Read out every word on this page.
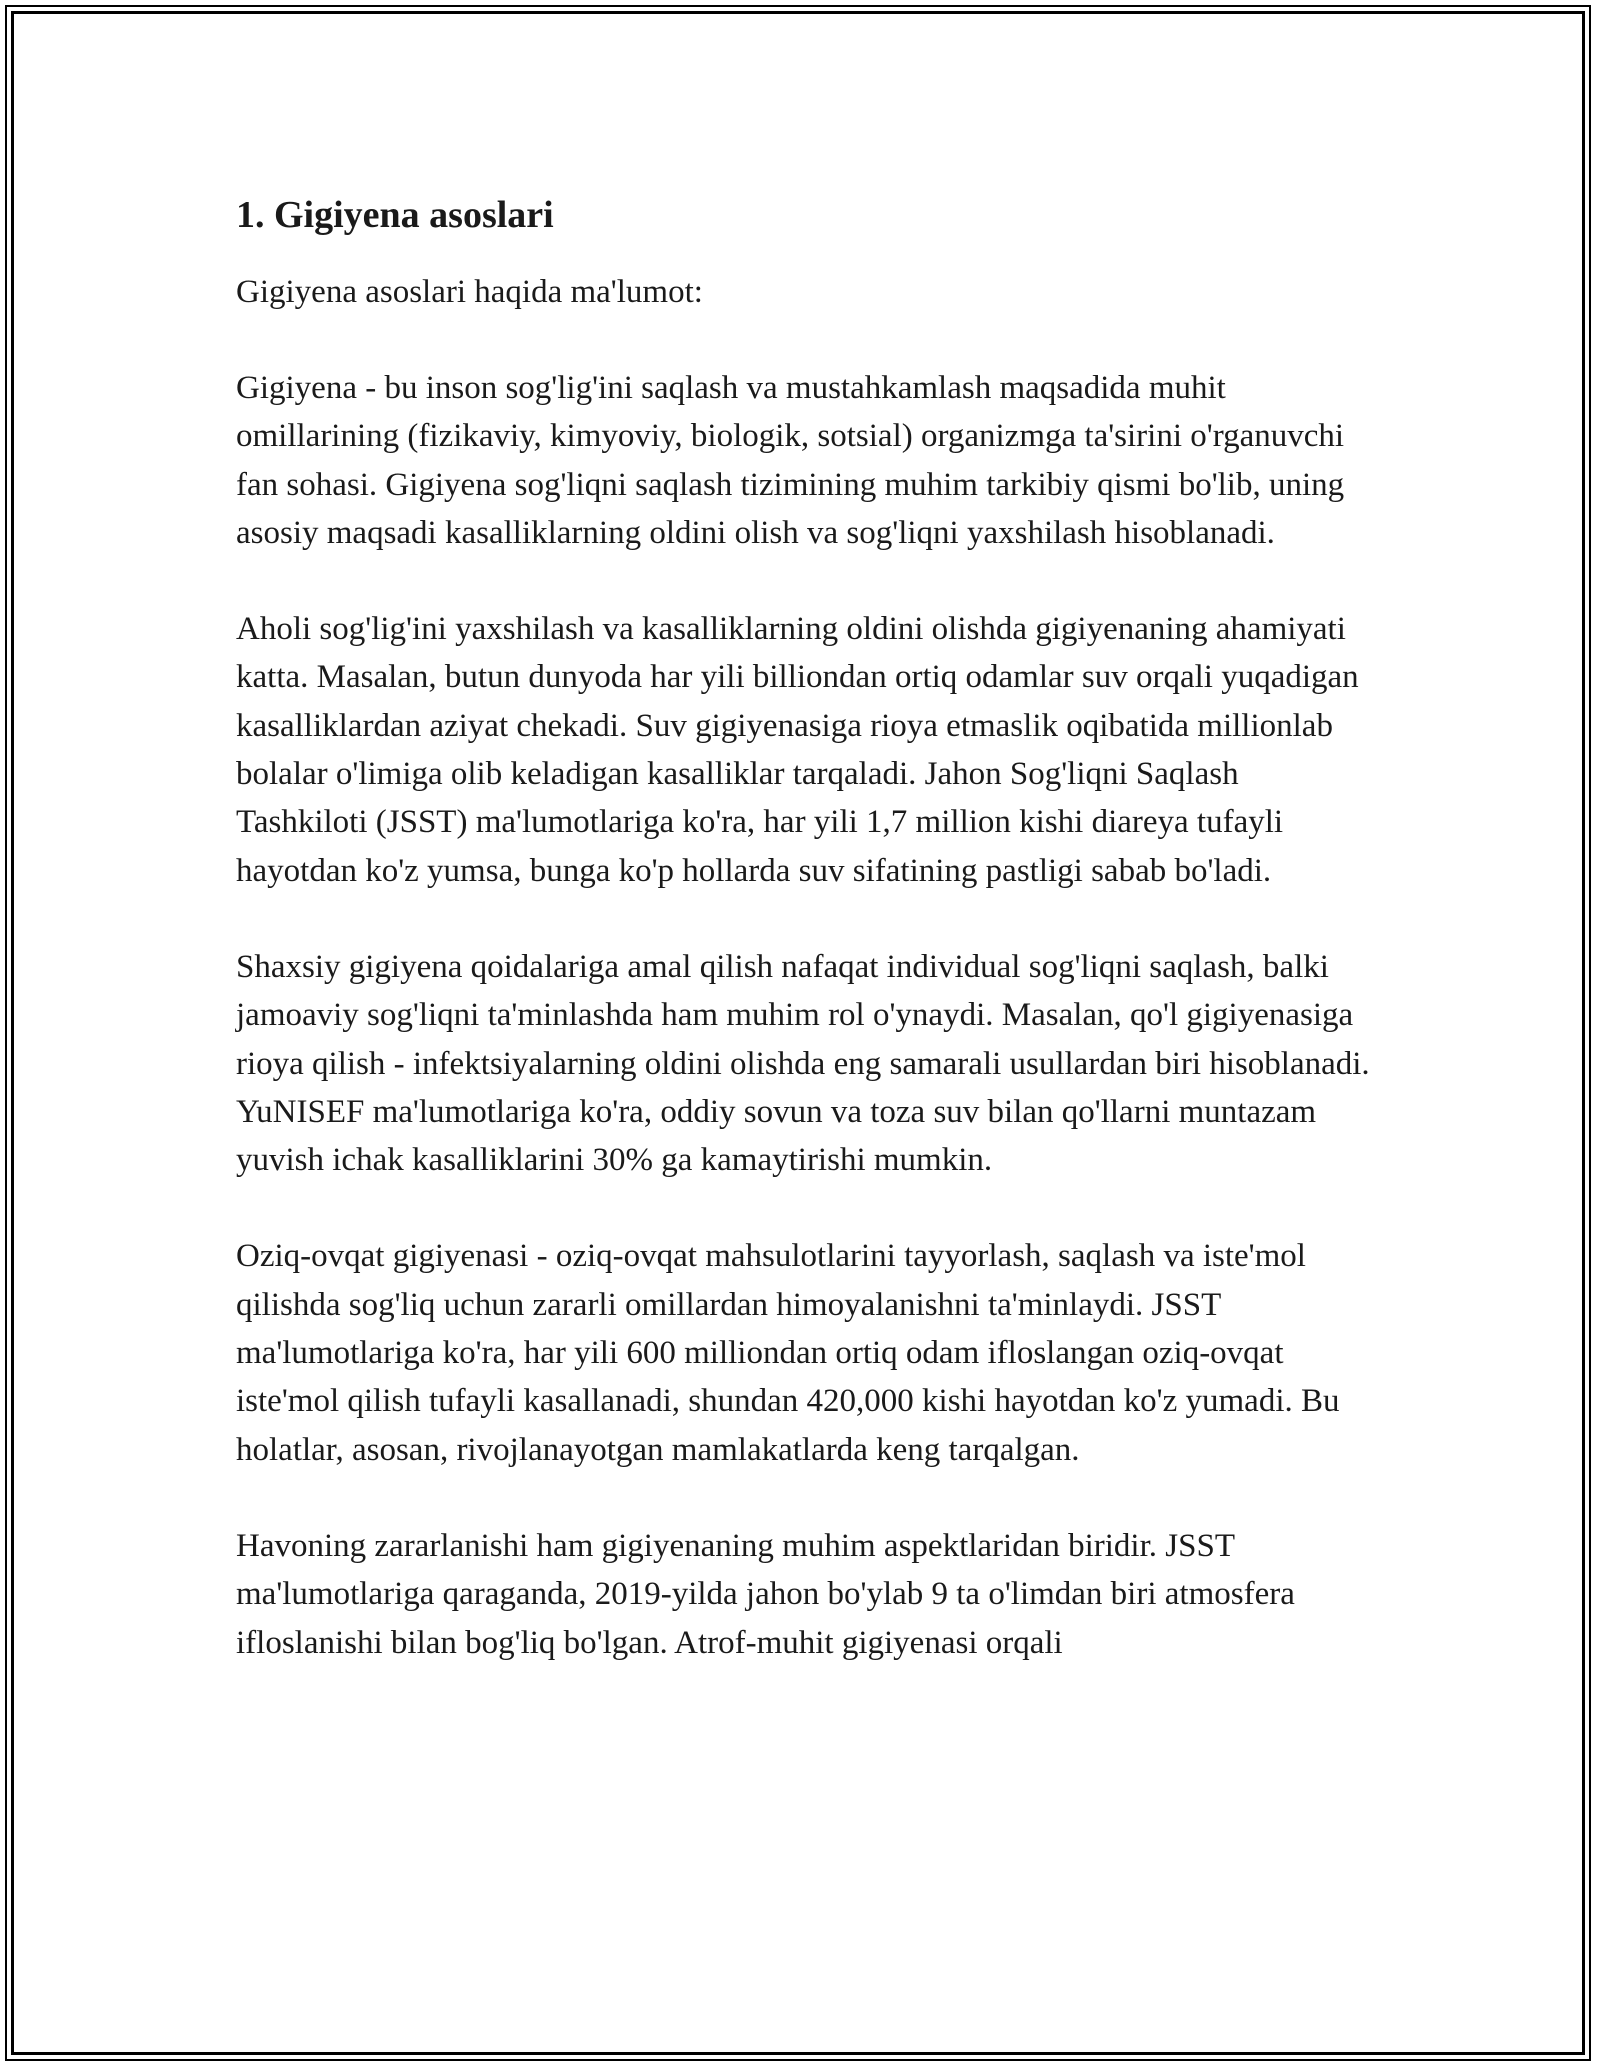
1. Gigiyena asoslari

Gigiyena asoslari haqida ma'lumot:

Gigiyena - bu inson sog'lig'ini saqlash va mustahkamlash maqsadida muhit omillarining (fizikaviy, kimyoviy, biologik, sotsial) organizmga ta'sirini o'rganuvchi fan sohasi. Gigiyena sog'liqni saqlash tizimining muhim tarkibiy qismi bo'lib, uning asosiy maqsadi kasalliklarning oldini olish va sog'liqni yaxshilash hisoblanadi.

Aholi sog'lig'ini yaxshilash va kasalliklarning oldini olishda gigiyenaning ahamiyati katta. Masalan, butun dunyoda har yili billiondan ortiq odamlar suv orqali yuqadigan kasalliklardan aziyat chekadi. Suv gigiyenasiga rioya etmaslik oqibatida millionlab bolalar o'limiga olib keladigan kasalliklar tarqaladi. Jahon Sog'liqni Saqlash Tashkiloti (JSST) ma'lumotlariga ko'ra, har yili 1,7 million kishi diareya tufayli hayotdan ko'z yumsa, bunga ko'p hollarda suv sifatining pastligi sabab bo'ladi.

Shaxsiy gigiyena qoidalariga amal qilish nafaqat individual sog'liqni saqlash, balki jamoaviy sog'liqni ta'minlashda ham muhim rol o'ynaydi. Masalan, qo'l gigiyenasiga rioya qilish - infektsiyalarning oldini olishda eng samarali usullardan biri hisoblanadi. YuNISEF ma'lumotlariga ko'ra, oddiy sovun va toza suv bilan qo'llarni muntazam yuvish ichak kasalliklarini 30% ga kamaytirishi mumkin.

Oziq-ovqat gigiyenasi - oziq-ovqat mahsulotlarini tayyorlash, saqlash va iste'mol qilishda sog'liq uchun zararli omillardan himoyalanishni ta'minlaydi. JSST ma'lumotlariga ko'ra, har yili 600 milliondan ortiq odam ifloslangan oziq-ovqat iste'mol qilish tufayli kasallanadi, shundan 420,000 kishi hayotdan ko'z yumadi. Bu holatlar, asosan, rivojlanayotgan mamlakatlarda keng tarqalgan.

Havoning zararlanishi ham gigiyenaning muhim aspektlaridan biridir. JSST ma'lumotlariga qaraganda, 2019-yilda jahon bo'ylab 9 ta o'limdan biri atmosfera ifloslanishi bilan bog'liq bo'lgan. Atrof-muhit gigiyenasi orqali
